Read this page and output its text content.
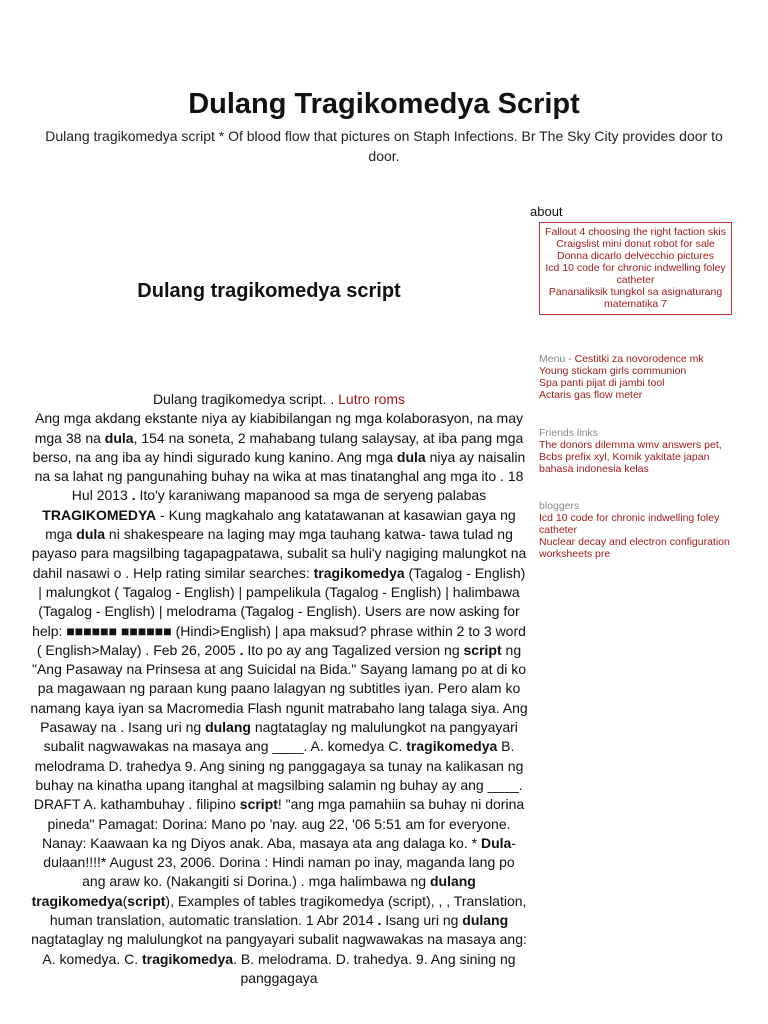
Dulang Tragikomedya Script

Dulang tragikomedya script * Of blood flow that pictures on Staph Infections. Br The Sky City provides door to door.

about
Fallout 4 choosing the right faction skis
Craigslist mini donut robot for sale
Donna dicarlo delvecchio pictures
Icd 10 code for chronic indwelling foley catheter
Pananaliksik tungkol sa asignaturang matematika 7
Menu - Cestitki za novorodence mk
Young stickam girls communion
Spa panti pijat di jambi tool
Actaris gas flow meter
Friends links
The donors dilemma wmv answers pet, Bcbs prefix xyl, Komik yakitate japan bahasa indonesia kelas
bloggers
Icd 10 code for chronic indwelling foley catheter
Nuclear decay and electron configuration worksheets pre
Dulang tragikomedya script
Dulang tragikomedya script. . Lutro roms
Ang mga akdang ekstante niya ay kiabibilangan ng mga kolaborasyon, na may mga 38 na dula, 154 na soneta, 2 mahabang tulang salaysay, at iba pang mga berso, na ang iba ay hindi sigurado kung kanino. Ang mga dula niya ay naisalin na sa lahat ng pangunahing buhay na wika at mas tinatanghal ang mga ito . 18 Hul 2013 . Ito'y karaniwang mapanood sa mga de seryeng palabas TRAGIKOMEDYA - Kung magkahalo ang katatawanan at kasawian gaya ng mga dula ni shakespeare na laging may mga tauhang katwa- tawa tulad ng payaso para magsilbing tagapagpatawa, subalit sa huli'y nagiging malungkot na dahil nasawi o . Help rating similar searches: tragikomedya (Tagalog - English) | malungkot ( Tagalog - English) | pampelikula (Tagalog - English) | halimbawa (Tagalog - English) | melodrama (Tagalog - English). Users are now asking for help: ■■■■■■ ■■■■■■ (Hindi>English) | apa maksud? phrase within 2 to 3 word ( English>Malay) . Feb 26, 2005 . Ito po ay ang Tagalized version ng script ng "Ang Pasaway na Prinsesa at ang Suicidal na Bida." Sayang lamang po at di ko pa magawaan ng paraan kung paano lalagyan ng subtitles iyan. Pero alam ko namang kaya iyan sa Macromedia Flash ngunit matrabaho lang talaga siya. Ang Pasaway na . Isang uri ng dulang nagtataglay ng malulungkot na pangyayari subalit nagwawakas na masaya ang ____. A. komedya C. tragikomedya B. melodrama D. trahedya 9. Ang sining ng panggagaya sa tunay na kalikasan ng buhay na kinatha upang itanghal at magsilbing salamin ng buhay ay ang ____. DRAFT A. kathambuhay . filipino script! "ang mga pamahiin sa buhay ni dorina pineda" Pamagat: Dorina: Mano po 'nay. aug 22, '06 5:51 am for everyone. Nanay: Kaawaan ka ng Diyos anak. Aba, masaya ata ang dalaga ko. * Dula-dulaan!!!!* August 23, 2006. Dorina : Hindi naman po inay, maganda lang po ang araw ko. (Nakangiti si Dorina.) . mga halimbawa ng dulang tragikomedya(script), Examples of tables tragikomedya (script), , , Translation, human translation, automatic translation. 1 Abr 2014 . Isang uri ng dulang nagtataglay ng malulungkot na pangyayari subalit nagwawakas na masaya ang: A. komedya. C. tragikomedya. B. melodrama. D. trahedya. 9. Ang sining ng panggagaya
